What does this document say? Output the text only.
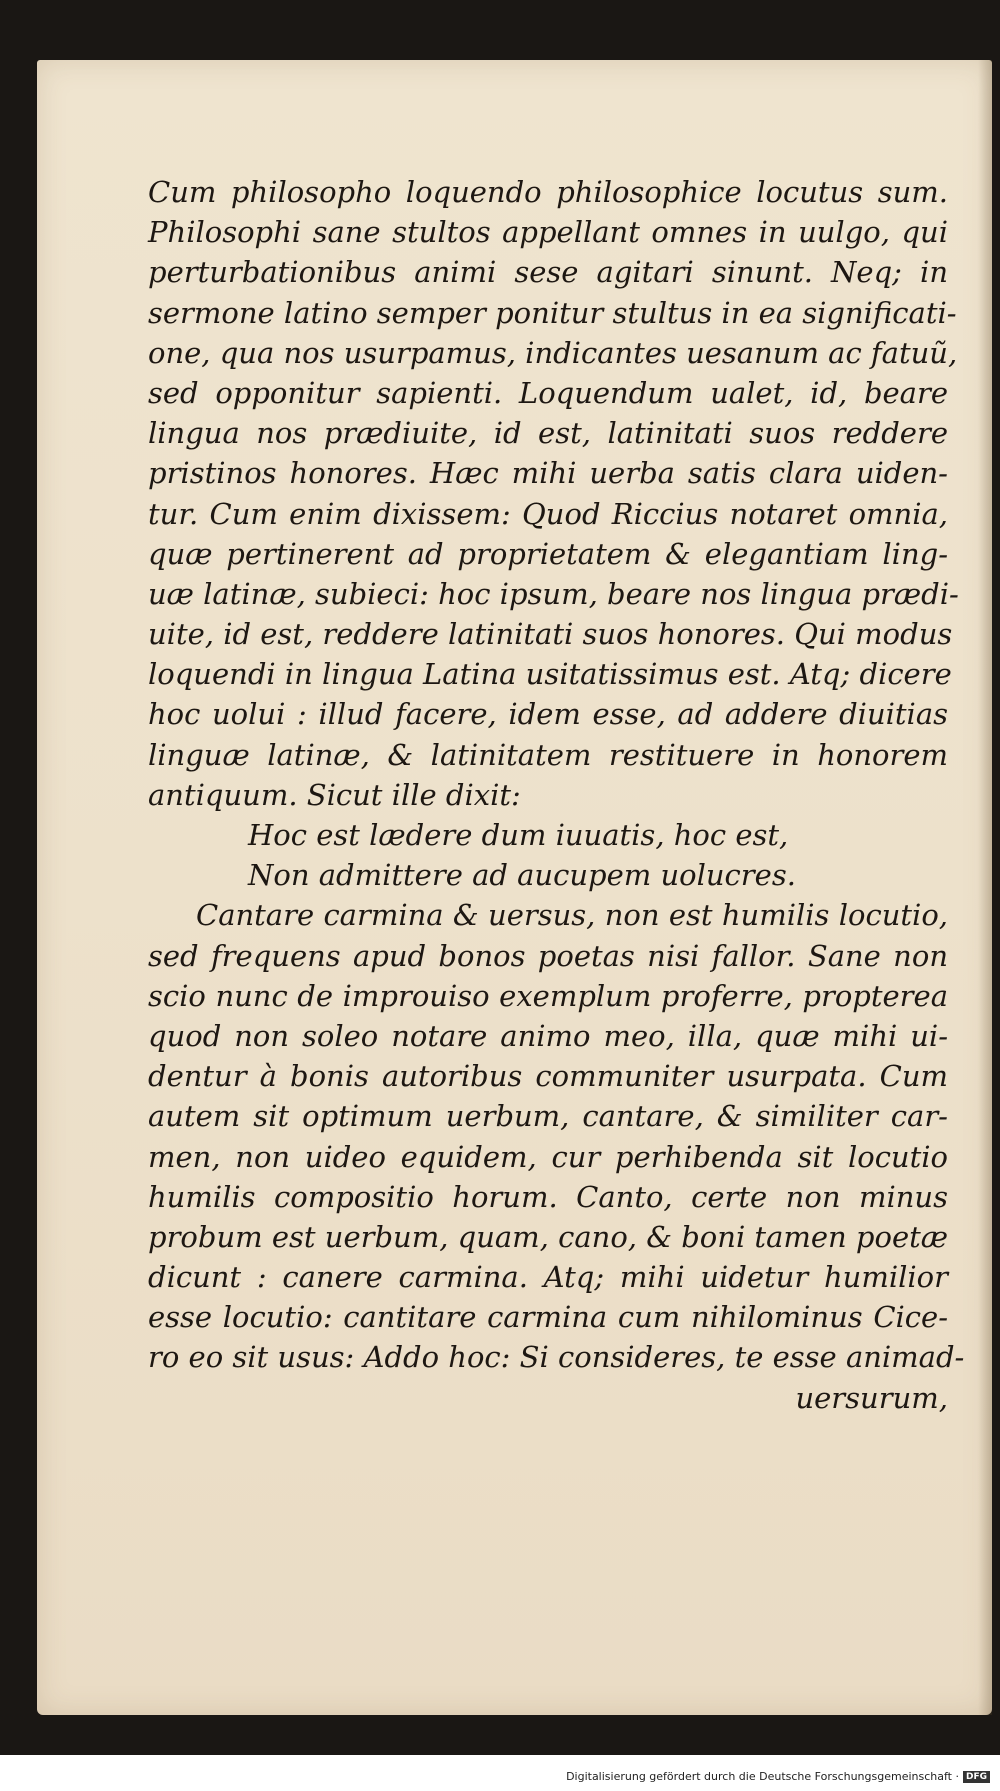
Cum philosopho loquendo philosophice locutus sum.
Philosophi sane stultos appellant omnes in uulgo, qui
perturbationibus animi sese agitari sinunt. Neq; in
sermone latino semper ponitur stultus in ea significati-
one, qua nos usurpamus, indicantes uesanum ac fatuũ,
sed opponitur sapienti. Loquendum ualet, id, beare
lingua nos prædiuite, id est, latinitati suos reddere
pristinos honores. Hæc mihi uerba satis clara uiden-
tur. Cum enim dixissem: Quod Riccius notaret omnia,
quæ pertinerent ad proprietatem & elegantiam ling-
uæ latinæ, subieci: hoc ipsum, beare nos lingua prædi-
uite, id est, reddere latinitati suos honores. Qui modus
loquendi in lingua Latina usitatissimus est. Atq; dicere
hoc uolui : illud facere, idem esse, ad addere diuitias
linguæ latinæ, & latinitatem restituere in honorem
antiquum. Sicut ille dixit:
Hoc est lædere dum iuuatis, hoc est,
Non admittere ad aucupem uolucres.
Cantare carmina & uersus, non est humilis locutio,
sed frequens apud bonos poetas nisi fallor. Sane non
scio nunc de improuiso exemplum proferre, propterea
quod non soleo notare animo meo, illa, quæ mihi ui-
dentur à bonis autoribus communiter usurpata. Cum
autem sit optimum uerbum, cantare, & similiter car-
men, non uideo equidem, cur perhibenda sit locutio
humilis compositio horum. Canto, certe non minus
probum est uerbum, quam, cano, & boni tamen poetæ
dicunt : canere carmina. Atq; mihi uidetur humilior
esse locutio: cantitare carmina cum nihilominus Cice-
ro eo sit usus: Addo hoc: Si consideres, te esse animad-
uersurum,
Digitalisierung gefördert durch die Deutsche Forschungsgemeinschaft · DFG
